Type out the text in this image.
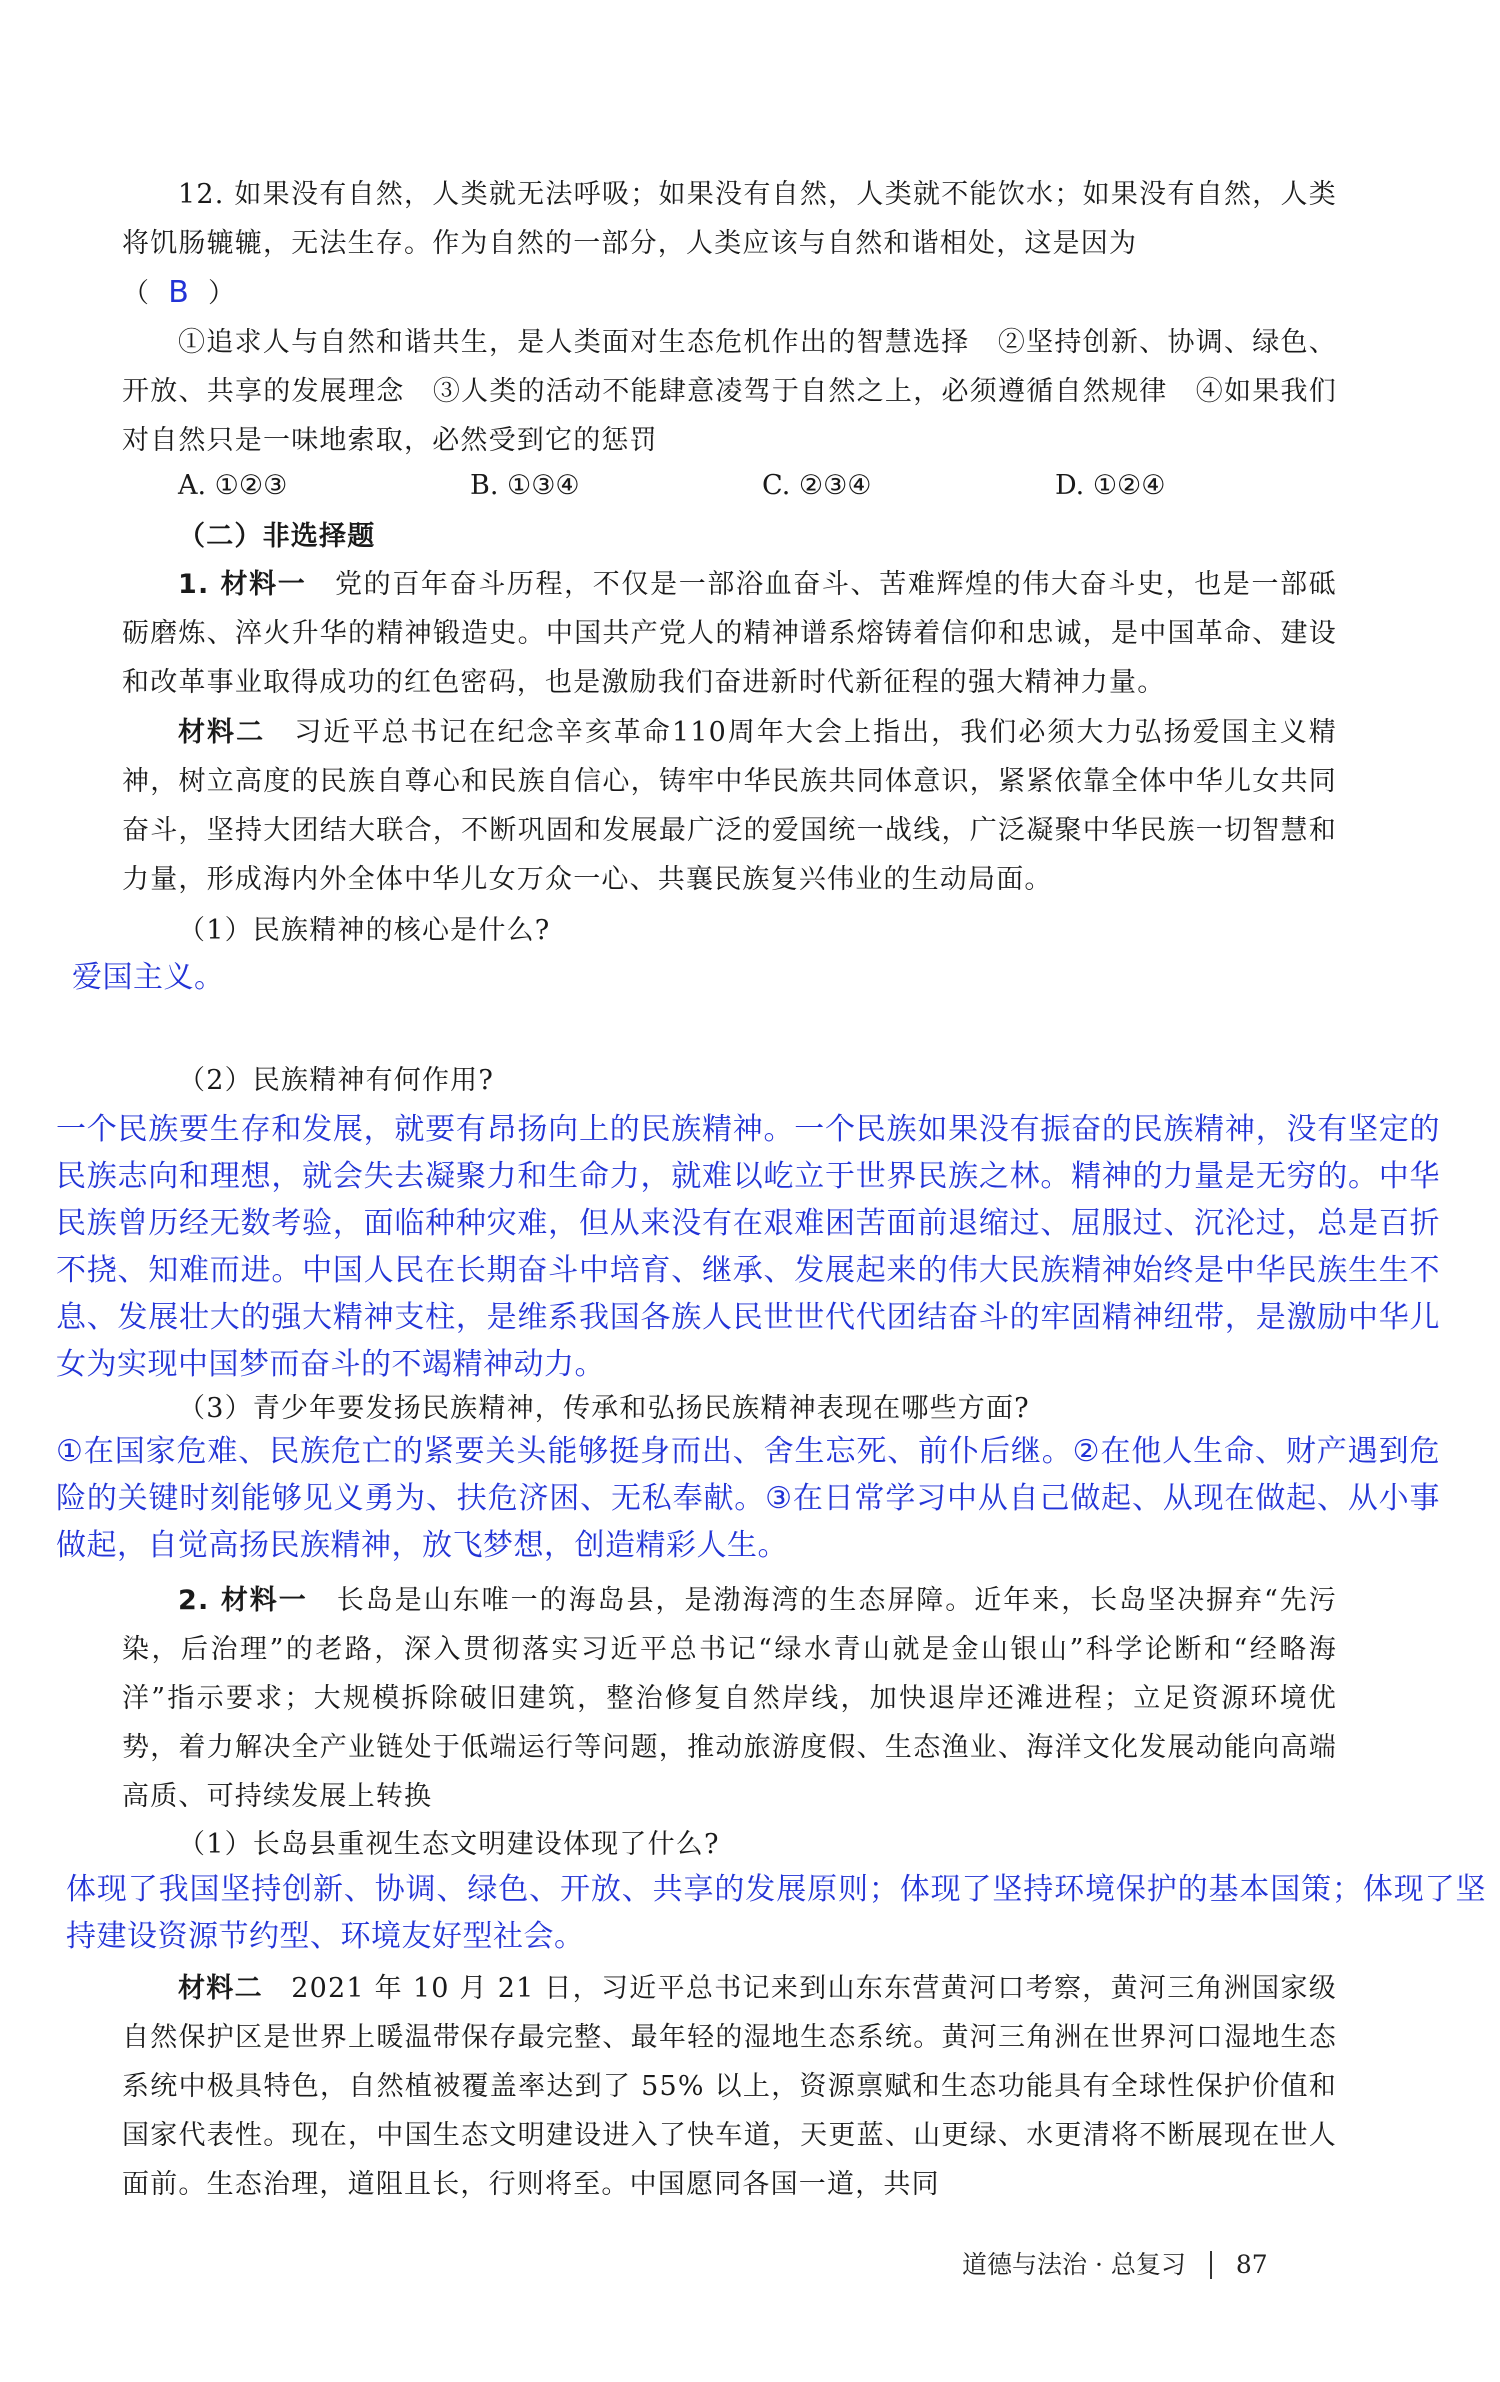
12. 如果没有自然，人类就无法呼吸；如果没有自然，人类就不能饮水；如果没有自然，人类将饥肠辘辘，无法生存。作为自然的一部分，人类应该与自然和谐相处，这是因为

（ B ）

①追求人与自然和谐共生，是人类面对生态危机作出的智慧选择　②坚持创新、协调、绿色、开放、共享的发展理念　③人类的活动不能肆意凌驾于自然之上，必须遵循自然规律　④如果我们对自然只是一味地索取，必然受到它的惩罚

A. ①②③	B. ①③④	C. ②③④	D. ①②④

（二）非选择题

1. 材料一　 党的百年奋斗历程，不仅是一部浴血奋斗、苦难辉煌的伟大奋斗史，也是一部砥砺磨炼、淬火升华的精神锻造史。中国共产党人的精神谱系熔铸着信仰和忠诚，是中国革命、建设和改革事业取得成功的红色密码，也是激励我们奋进新时代新征程的强大精神力量。

材料二　 习近平总书记在纪念辛亥革命110周年大会上指出，我们必须大力弘扬爱国主义精神，树立高度的民族自尊心和民族自信心，铸牢中华民族共同体意识，紧紧依靠全体中华儿女共同奋斗，坚持大团结大联合，不断巩固和发展最广泛的爱国统一战线，广泛凝聚中华民族一切智慧和力量，形成海内外全体中华儿女万众一心、共襄民族复兴伟业的生动局面。

（1）民族精神的核心是什么?

爱国主义。

（2）民族精神有何作用?

一个民族要生存和发展，就要有昂扬向上的民族精神。一个民族如果没有振奋的民族精神，没有坚定的民族志向和理想，就会失去凝聚力和生命力，就难以屹立于世界民族之林。精神的力量是无穷的。中华民族曾历经无数考验，面临种种灾难，但从来没有在艰难困苦面前退缩过、屈服过、沉沦过，总是百折不挠、知难而进。中国人民在长期奋斗中培育、继承、发展起来的伟大民族精神始终是中华民族生生不息、发展壮大的强大精神支柱，是维系我国各族人民世世代代团结奋斗的牢固精神纽带，是激励中华儿女为实现中国梦而奋斗的不竭精神动力。

（3）青少年要发扬民族精神，传承和弘扬民族精神表现在哪些方面?

①在国家危难、民族危亡的紧要关头能够挺身而出、舍生忘死、前仆后继。②在他人生命、财产遇到危险的关键时刻能够见义勇为、扶危济困、无私奉献。③在日常学习中从自己做起、从现在做起、从小事做起，自觉高扬民族精神，放飞梦想，创造精彩人生。

2. 材料一　 长岛是山东唯一的海岛县，是渤海湾的生态屏障。近年来，长岛坚决摒弃“先污染，后治理”的老路，深入贯彻落实习近平总书记“绿水青山就是金山银山”科学论断和“经略海洋”指示要求；大规模拆除破旧建筑，整治修复自然岸线，加快退岸还滩进程；立足资源环境优势，着力解决全产业链处于低端运行等问题，推动旅游度假、生态渔业、海洋文化发展动能向高端高质、可持续发展上转换

（1）长岛县重视生态文明建设体现了什么?

体现了我国坚持创新、协调、绿色、开放、共享的发展原则；体现了坚持环境保护的基本国策；体现了坚持建设资源节约型、环境友好型社会。

材料二　 2021 年 10 月 21 日，习近平总书记来到山东东营黄河口考察，黄河三角洲国家级自然保护区是世界上暖温带保存最完整、最年轻的湿地生态系统。黄河三角洲在世界河口湿地生态系统中极具特色，自然植被覆盖率达到了 55% 以上，资源禀赋和生态功能具有全球性保护价值和国家代表性。现在，中国生态文明建设进入了快车道，天更蓝、山更绿、水更清将不断展现在世人面前。生态治理，道阻且长，行则将至。中国愿同各国一道，共同

道德与法治 · 总复习 87
